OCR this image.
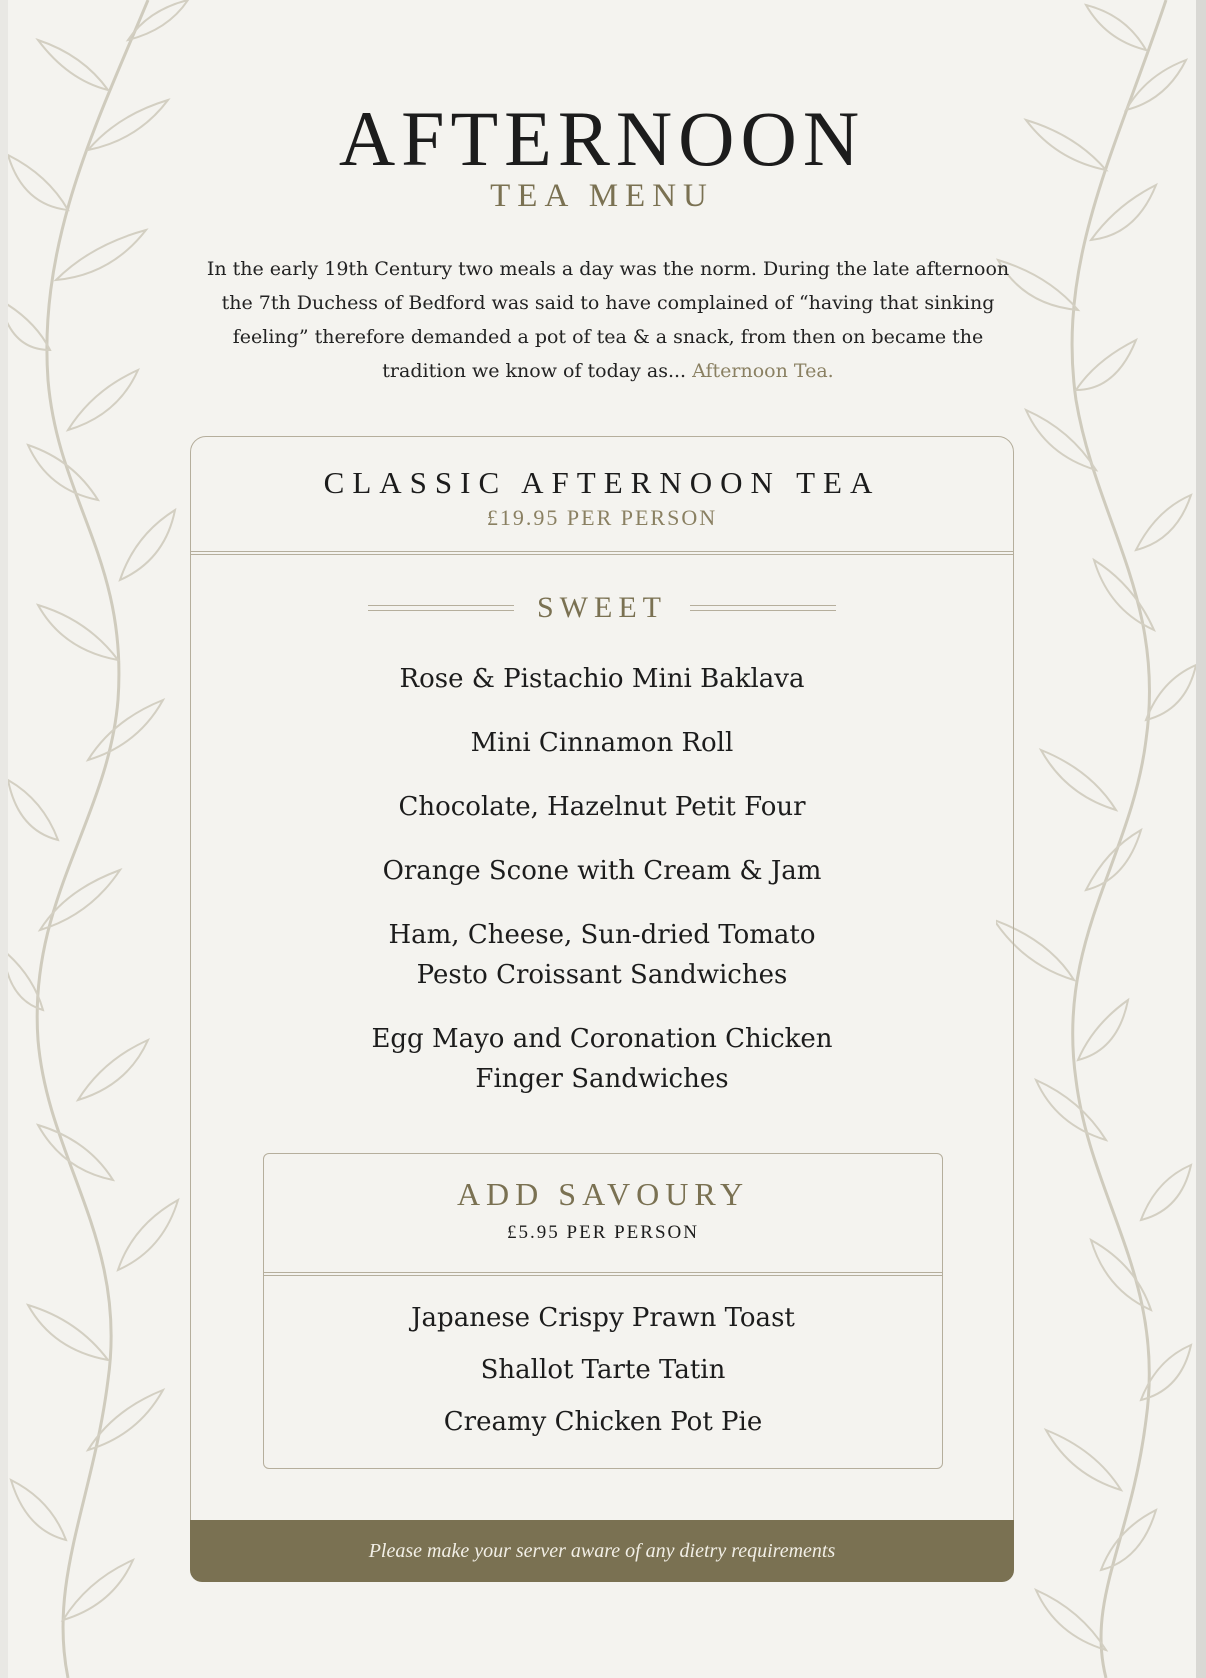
AFTERNOON
TEA MENU
In the early 19th Century two meals a day was the norm. During the late afternoon the 7th Duchess of Bedford was said to have complained of “having that sinking feeling” therefore demanded a pot of tea & a snack, from then on became the tradition we know of today as... Afternoon Tea.
CLASSIC AFTERNOON TEA
£19.95 PER PERSON
SWEET
Rose & Pistachio Mini Baklava
Mini Cinnamon Roll
Chocolate, Hazelnut Petit Four
Orange Scone with Cream & Jam
Ham, Cheese, Sun-dried Tomato
Pesto Croissant Sandwiches
Egg Mayo and Coronation Chicken
Finger Sandwiches
ADD SAVOURY
£5.95 PER PERSON
Japanese Crispy Prawn Toast
Shallot Tarte Tatin
Creamy Chicken Pot Pie
Please make your server aware of any dietry requirements
